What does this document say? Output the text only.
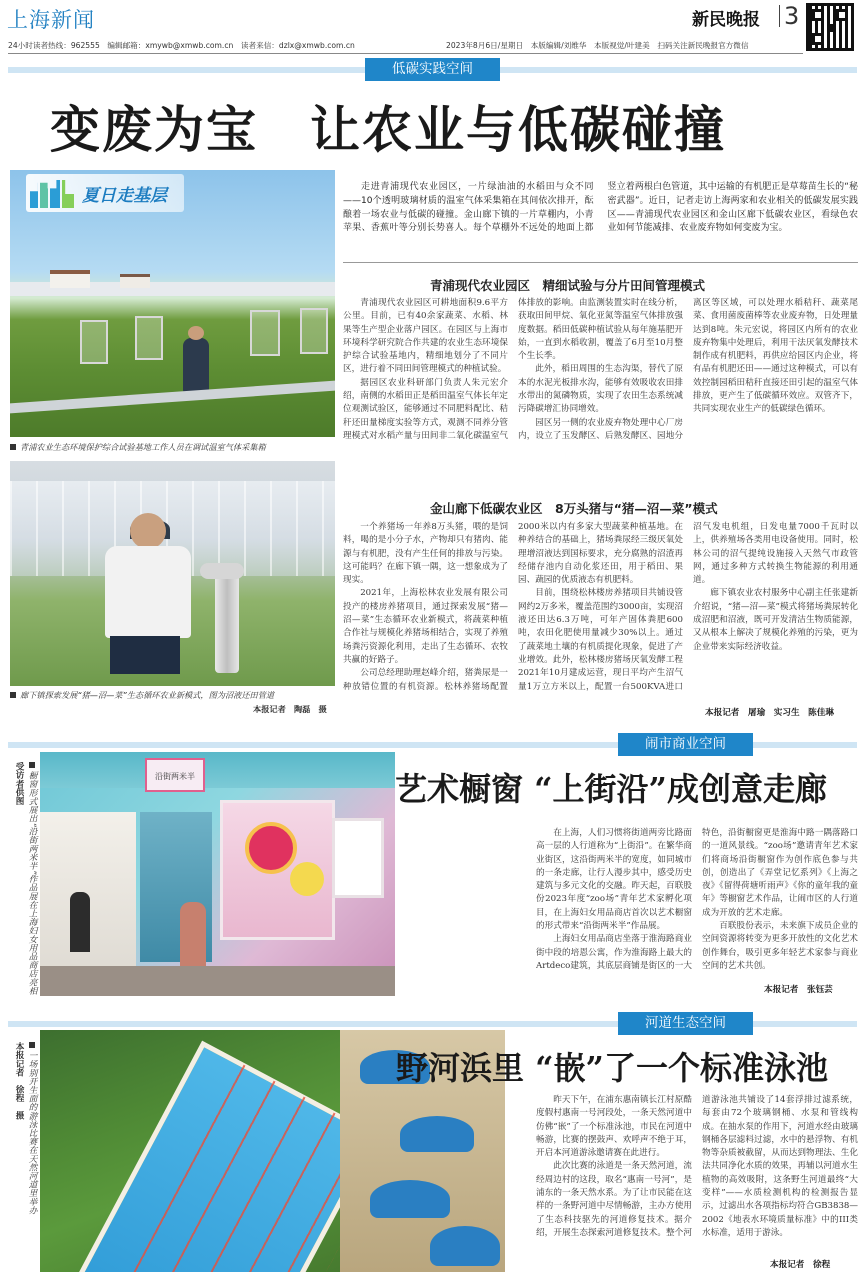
上海新闻	新民晚报 3
24小时读者热线：962555　编辑邮箱：xmywb@xmwb.com.cn　读者来信：dzlx@xmwb.com.cn	2023年8月6日/星期日　本版编辑/刘维华　本版视觉/叶建美　扫码关注新民晚报官方微信
低碳实践空间
变废为宝　让农业与低碳碰撞
夏日走基层
青浦农业生态环境保护综合试验基地工作人员在调试温室气体采集箱
廊下镇探索发展“猪—沼—菜”生态循环农业新模式，图为沼液还田管道
本报记者　陶磊　摄

走进青浦现代农业园区，一片绿油油的水稻田与众不同——10个透明玻璃材质的温室气体采集箱在其间依次排开，酝酿着一场农业与低碳的碰撞。金山廊下镇的一片草棚内，小青苹果、香蕉叶等分别长势喜人。每个草棚外不远处的地面上都竖立着两根白色管道，其中运输的有机肥正是草莓苗生长的“秘密武器”。近日，记者走访上海两家和农业相关的低碳发展实践区——青浦现代农业园区和金山区廊下低碳农业区，看绿色农业如何节能减排、农业废弃物如何变废为宝。

青浦现代农业园区　精细试验与分片田间管理模式

青浦现代农业园区可耕地面积9.6平方公里。目前，已有40余家蔬菜、水稻、林果等生产型企业落户园区。在园区与上海市环境科学研究院合作共建的农业生态环境保护综合试验基地内，精细地划分了不同片区，进行着不同田间管理模式的种植试验。

据园区农业科研部门负责人朱元宏介绍，南侧的水稻田正是稻田温室气体长年定位观测试验区，能够通过不同肥料配比、秸秆还田量梯度实验等方式，观测不同养分管理模式对水稻产量与田间非二氧化碳温室气体排放的影响。由监测装置实时在线分析，获取田间甲烷、氧化亚氮等温室气体排放强度数据。稻田低碳种植试验从每年施基肥开始，一直到水稻收割，覆盖了6月至10月整个生长季。

此外，稻田周围的生态沟渠，替代了原本的水泥光板排水沟，能够有效吸收农田排水带出的氮磷物质，实现了农田生态系统减污降碳增汇协同增效。

园区另一侧的农业废弃物处理中心厂房内，设立了玉发酵区、后熟发酵区、园地分离区等区域，可以处理水稻秸秆、蔬菜尾菜、食用菌废菌棒等农业废弃物，日处理量达到8吨。朱元宏说，将园区内所有的农业废弃物集中处理后，利用干法厌氧发酵技术制作成有机肥料，再供应给园区内企业，将有品有机肥还田——通过这种模式，可以有效控制园稻田秸秆直接还田引起的温室气体排放，更产生了低碳循环效应。双管齐下，共同实现农业生产的低碳绿色循环。

金山廊下低碳农业区　8万头猪与“猪—沼—菜”模式

一个养猪场一年养8万头猪，喂的是饲料，喝的是小分子水，产物却只有猪肉、能源与有机肥，没有产生任何的排放与污染。这可能吗？在廊下镇一隅，这一想象成为了现实。

2021年，上海松林农业发展有限公司投产的楼房养猪项目，通过探索发展“猪—沼—菜”生态循环农业新模式，将蔬菜种植合作社与规模化养猪场相结合，实现了养殖场粪污资源化利用，走出了生态循环、农牧共赢的好路子。

公司总经理助理赵峰介绍，猪粪尿是一种放错位置的有机资源。松林养猪场配置2000米以内有多家大型蔬菜种植基地。在种养结合的基础上，猪场粪尿经三级厌氧处理增沼液达到国标要求，充分腐熟的沼渣再经储存池内自动化浆还田，用于稻田、果园、蔬园的优质液态有机肥料。

目前，围绕松林楼房养猪项目共铺设管网约2万多米，覆盖范围约3000亩，实现沼液还田达6.3万吨，可年产固体粪肥600吨，农田化肥使用量减少30%以上。通过了蔬菜地土壤的有机质提化现象，促进了产业增效。此外，松林楼房猪场厌氧发酵工程2021年10月建成运营，现日平均产生沼气量1万立方米以上，配置一台500KVA进口沼气发电机组，日发电量7000千瓦时以上，供养殖场各类用电设备使用。同时，松林公司的沼气提纯设施接入天然气市政管网，通过多种方式转换生物能源的利用通道。

廊下镇农业农村服务中心副主任张建新介绍说，“猪—沼—菜”模式将猪场粪尿转化成沼肥和沼液，既可开发清洁生物质能源，又从根本上解决了规模化养殖的污染，更为企业带来实际经济收益。

本报记者　屠瑜　实习生　陈佳琳
闹市商业空间
橱窗形式展出“沿街两米半”作品展在上海妇女用品商店亮相
受访者供图	沿街两米半	艺术橱窗 “上街沿”成创意走廊

在上海，人们习惯将街道两旁比路面高一层的人行道称为“上街沿”。在繁华商业街区，这沿街两米半的宽度，如同城市的一条走廊，让行人漫步其中，感受历史建筑与多元文化的交融。昨天起，百联股份2023年度“zoo场”青年艺术家孵化项目，在上海妇女用品商店首次以艺术橱窗的形式带来“沿街两米半”作品展。

上海妇女用品商店坐落于淮海路商业街中段的培恩公寓，作为淮海路上最大的Artdeco建筑，其底层商铺是街区的一大特色，沿街橱窗更是淮海中路一隅落路口的一道风景线。“zoo场”邀请青年艺术家们将商场沿街橱窗作为创作底色参与共创，创造出了《弄堂记忆系列》《上海之夜》《留得荷塘听雨声》《你的童年我的童年》等橱窗艺术作品，让闹市区的人行道成为开放的艺术走廊。

百联股份表示，未来旗下成员企业的空间资源将转变为更多开放性的文化艺术创作舞台，吸引更多年轻艺术家参与商业空间的艺术共创。

本报记者　张钰芸
河道生态空间
一场别开生面的游泳比赛在天然河道里举办
本报记者　徐程　摄	野河浜里 “嵌”了一个标准泳池

昨天下午，在浦东惠南镇长江村原酷度假村惠南一号河段处，一条天然河道中仿佛“嵌”了一个标准泳池，市民在河道中畅游，比赛的摆鼓声、欢呼声不绝于耳，开启本河道游泳邀请赛在此进行。

此次比赛的泳道是一条天然河道，流经周边村的这段，取名“惠南一号河”，是浦东的一条天然水系。为了让市民能在这样的一条野河道中尽情畅游，主办方使用了生态科技驱先的河道修复技术。据介绍，开展生态探索河道修复技术。整个河道游泳池共铺设了14套浮排过滤系统，每套由72个玻璃钢桶、水泵和管线构成。在抽水泵的作用下，河道水经由玻璃钢桶各层滤料过滤，水中的悬浮物、有机物等杂质被截留，从而达到物理法、生化法共同净化水质的效果，再辅以河道水生植物的高效吸附，这条野生河道最终“大变样”——水质检测机构的检测报告显示，过滤出水各项指标均符合GB3838—2002《地表水环境质量标准》中的III类水标准，适用于游泳。

本报记者　徐程
